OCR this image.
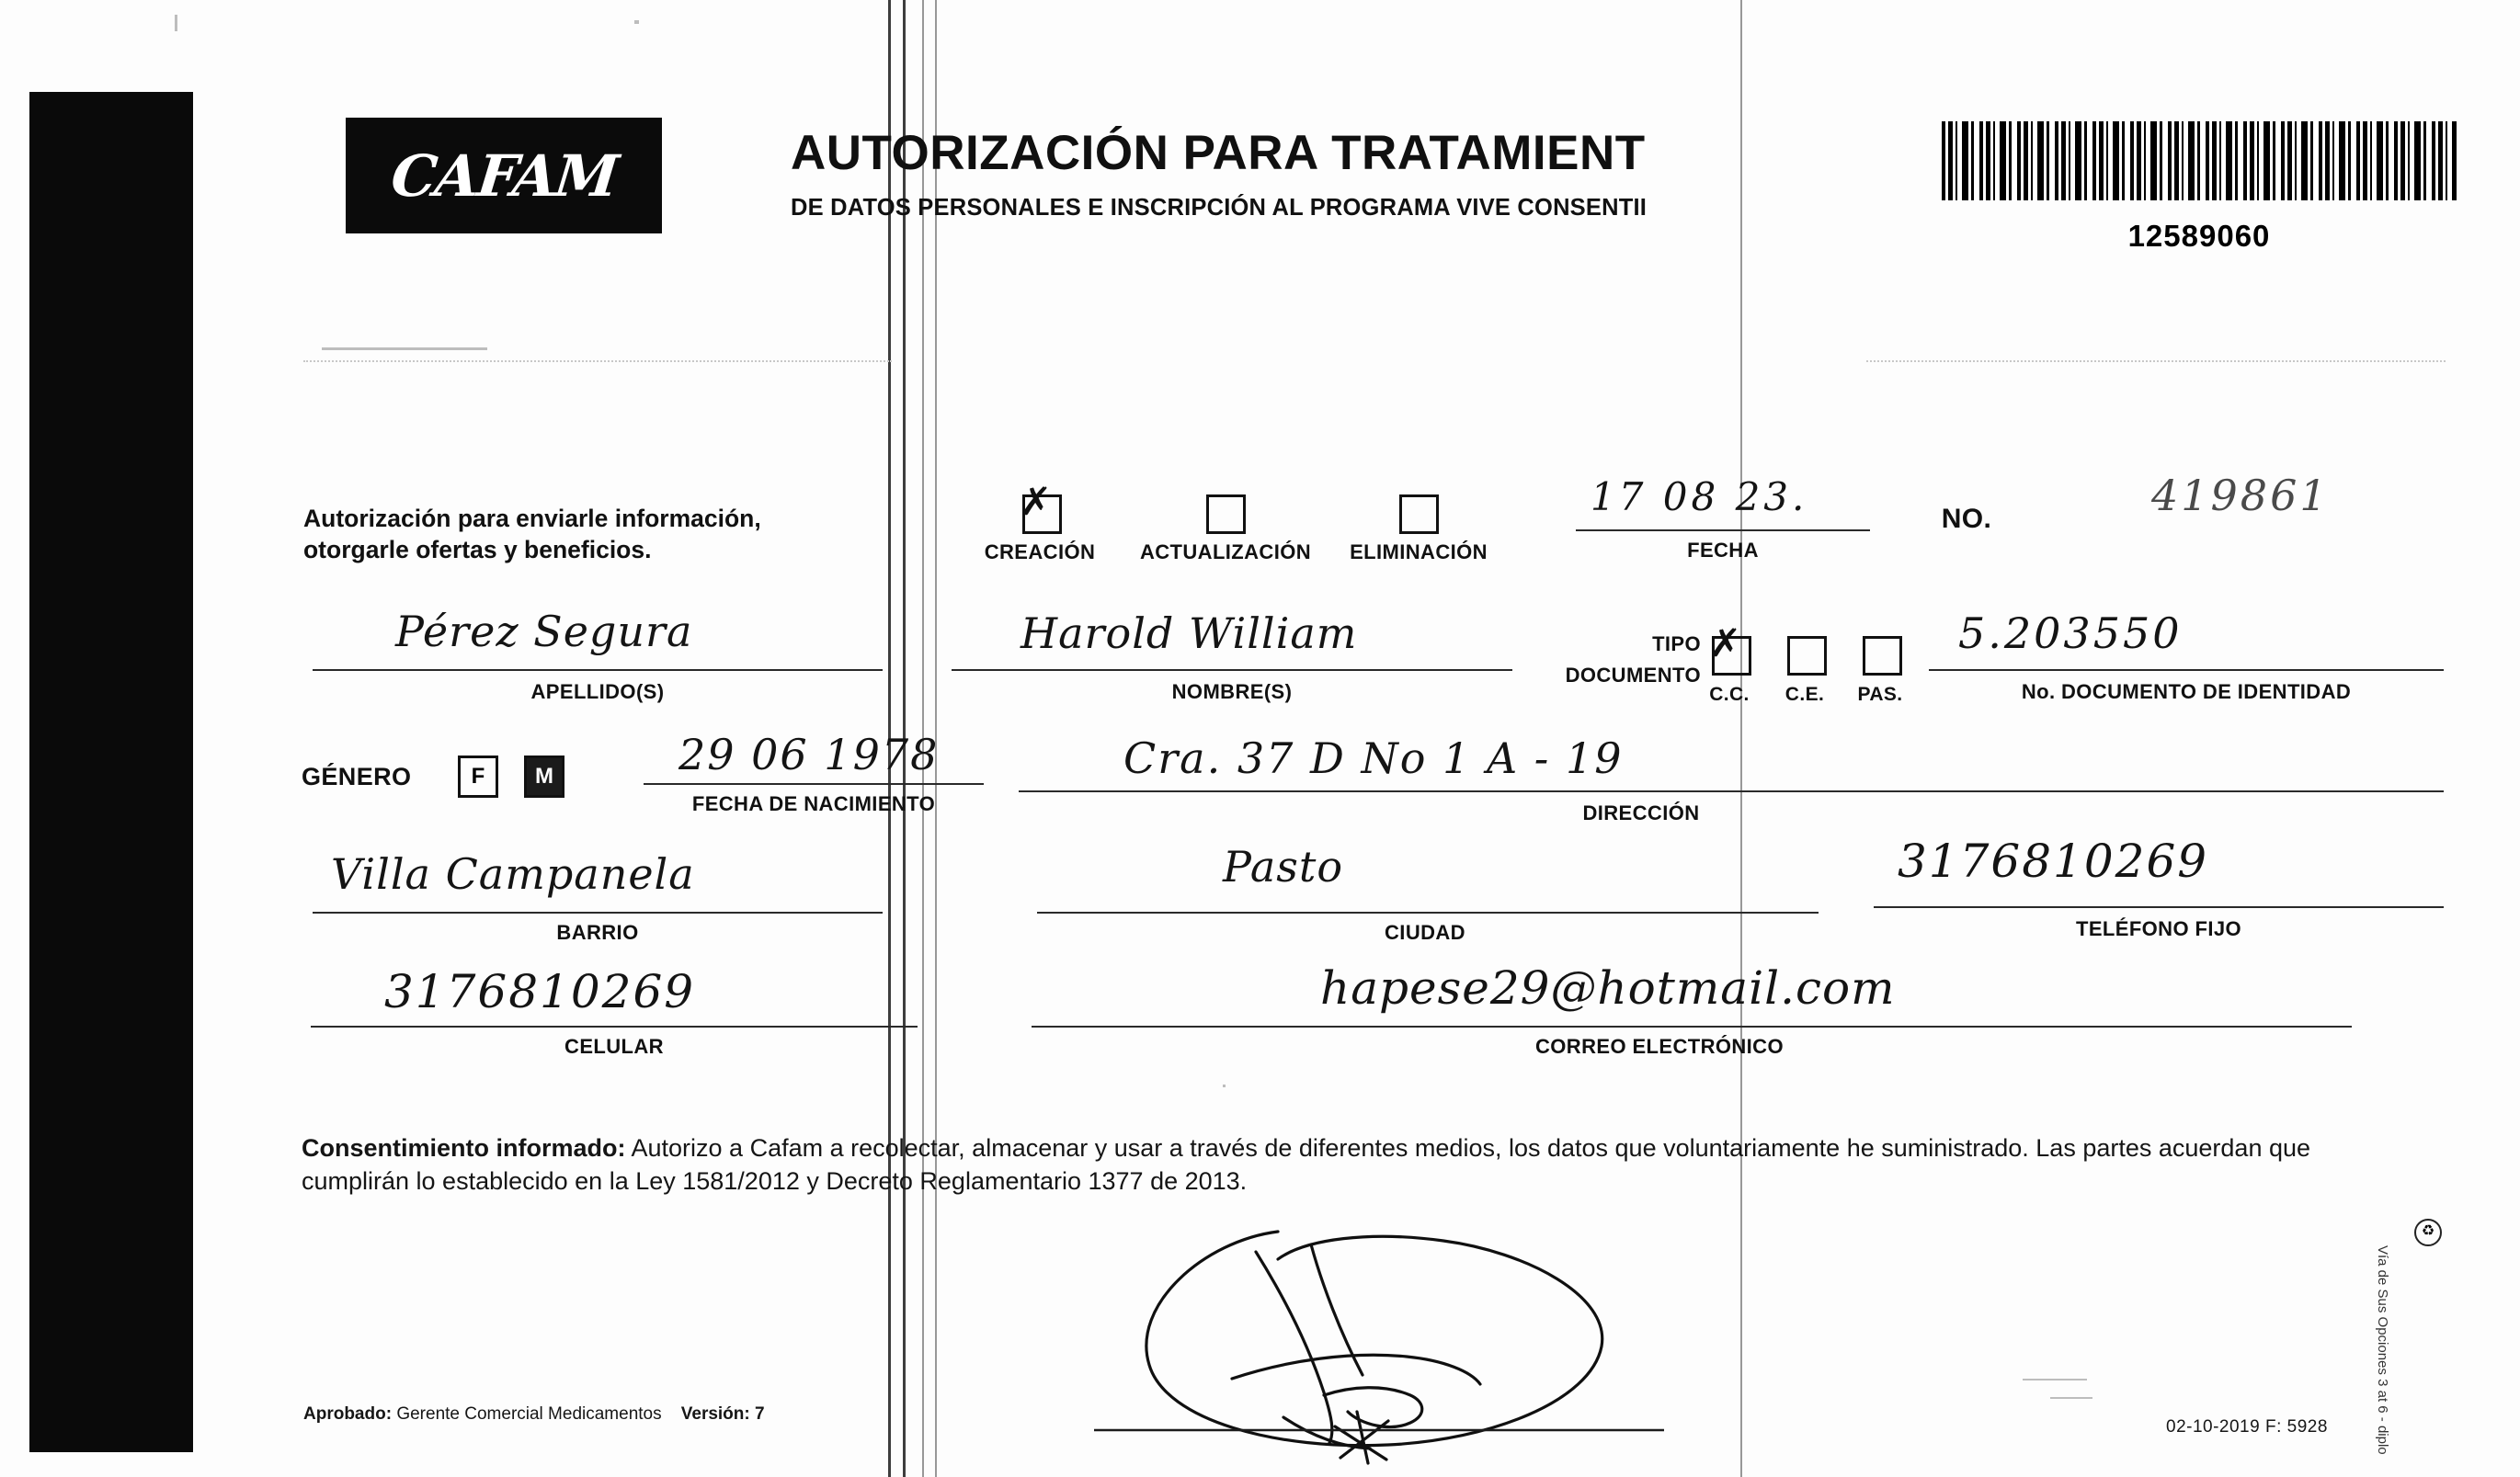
CAFAM	AUTORIZACIÓN PARA TRATAMIENT
DE DATOS PERSONALES E INSCRIPCIÓN AL PROGRAMA VIVE CONSENTII
12589060
Autorización para enviarle información,
otorgarle ofertas y beneficios.
✗
CREACIÓN	ACTUALIZACIÓN	ELIMINACIÓN
17 08 23.
FECHA
NO.	419861
Pérez Segura
APELLIDO(S)
Harold William
NOMBRE(S)
TIPO
DOCUMENTO
✗
C.C.	C.E.	PAS.
5.203550
No. DOCUMENTO DE IDENTIDAD
GÉNERO	F M	29 06 1978
FECHA DE NACIMIENTO
Cra. 37 D No 1 A - 19
DIRECCIÓN
Villa Campanela
BARRIO
Pasto
CIUDAD
3176810269
TELÉFONO FIJO
3176810269
CELULAR
hapese29@hotmail.com
CORREO ELECTRÓNICO
Consentimiento informado: Autorizo a Cafam a recolectar, almacenar y usar a través de diferentes medios, los datos que voluntariamente he suministrado. Las partes acuerdan que cumplirán lo establecido en la Ley 1581/2012 y Decreto Reglamentario 1377 de 2013.
Aprobado: Gerente Comercial Medicamentos Versión: 7
02-10-2019 F: 5928
♻
Vía de Sus Opciones 3 at 6 - diplo
